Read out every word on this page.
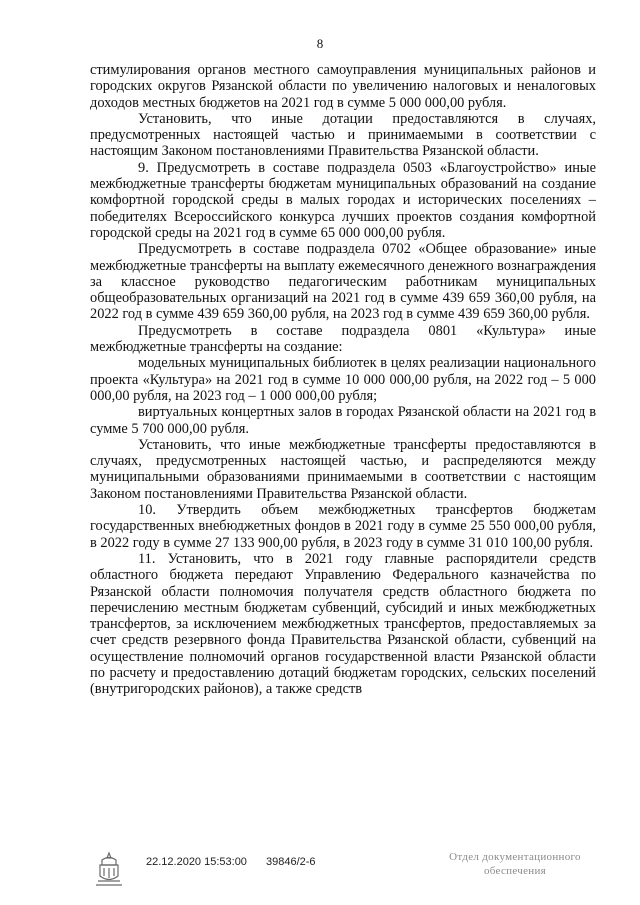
8

стимулирования органов местного самоуправления муниципальных районов и городских округов Рязанской области по увеличению налоговых и неналоговых доходов местных бюджетов на 2021 год в сумме 5 000 000,00 рубля.

Установить, что иные дотации предоставляются в случаях, предусмотренных настоящей частью и принимаемыми в соответствии с настоящим Законом постановлениями Правительства Рязанской области.

9. Предусмотреть в составе подраздела 0503 «Благоустройство» иные межбюджетные трансферты бюджетам муниципальных образований на создание комфортной городской среды в малых городах и исторических поселениях – победителях Всероссийского конкурса лучших проектов создания комфортной городской среды на 2021 год в сумме 65 000 000,00 рубля.

Предусмотреть в составе подраздела 0702 «Общее образование» иные межбюджетные трансферты на выплату ежемесячного денежного вознаграждения за классное руководство педагогическим работникам муниципальных общеобразовательных организаций на 2021 год в сумме 439 659 360,00 рубля, на 2022 год в сумме 439 659 360,00 рубля, на 2023 год в сумме 439 659 360,00 рубля.

Предусмотреть в составе подраздела 0801 «Культура» иные межбюджетные трансферты на создание:

модельных муниципальных библиотек в целях реализации национального проекта «Культура» на 2021 год в сумме 10 000 000,00 рубля, на 2022 год – 5 000 000,00 рубля, на 2023 год – 1 000 000,00 рубля;

виртуальных концертных залов в городах Рязанской области на 2021 год в сумме 5 700 000,00 рубля.

Установить, что иные межбюджетные трансферты предоставляются в случаях, предусмотренных настоящей частью, и распределяются между муниципальными образованиями принимаемыми в соответствии с настоящим Законом постановлениями Правительства Рязанской области.

10. Утвердить объем межбюджетных трансфертов бюджетам государственных внебюджетных фондов в 2021 году в сумме 25 550 000,00 рубля, в 2022 году в сумме 27 133 900,00 рубля, в 2023 году в сумме 31 010 100,00 рубля.

11. Установить, что в 2021 году главные распорядители средств областного бюджета передают Управлению Федерального казначейства по Рязанской области полномочия получателя средств областного бюджета по перечислению местным бюджетам субвенций, субсидий и иных межбюджетных трансфертов, за исключением межбюджетных трансфертов, предоставляемых за счет средств резервного фонда Правительства Рязанской области, субвенций на осуществление полномочий органов государственной власти Рязанской области по расчету и предоставлению дотаций бюджетам городских, сельских поселений (внутригородских районов), а также средств

22.12.2020 15:53:00 39846/2-6	Отдел документационного
обеспечения
